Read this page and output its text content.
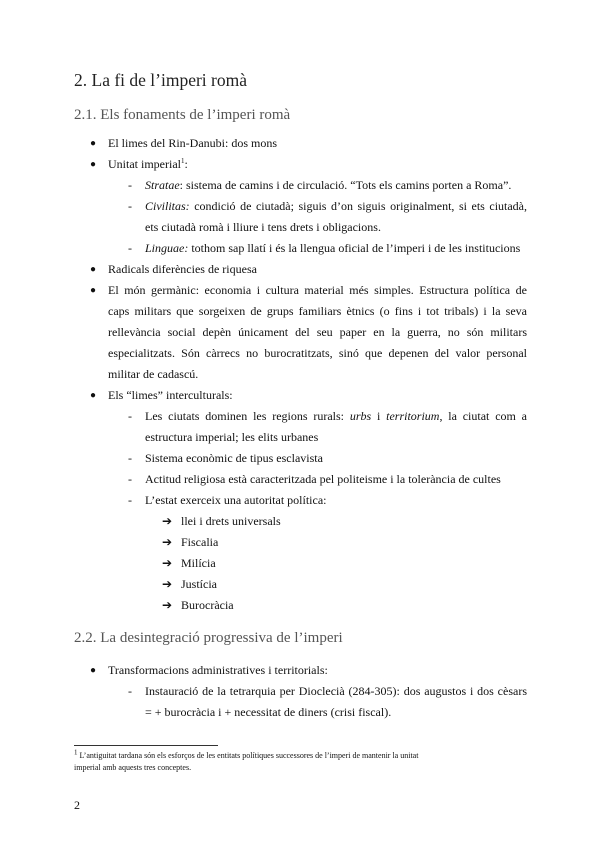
2. La fi de l’imperi romà
2.1. Els fonaments de l’imperi romà
● El limes del Rin-Danubi: dos mons
● Unitat imperial$^1$:
- Stratae: sistema de camins i de circulació. “Tots els camins porten a Roma”.
- Civilitas: condició de ciutadà; siguis d’on siguis originalment, si ets ciutadà,
ets ciutadà romà i lliure i tens drets i obligacions.
- Linguae: tothom sap llatí i és la llengua oficial de l’imperi i de les institucions
● Radicals diferències de riquesa
● El món germànic: economia i cultura material més simples. Estructura política de
caps militars que sorgeixen de grups familiars ètnics (o fins i tot tribals) i la seva
rellevància social depèn únicament del seu paper en la guerra, no són militars
especialitzats. Són càrrecs no burocratitzats, sinó que depenen del valor personal
militar de cadascú.
● Els “limes” interculturals:
- Les ciutats dominen les regions rurals: urbs i territorium, la ciutat com a
estructura imperial; les elits urbanes
- Sistema econòmic de tipus esclavista
- Actitud religiosa està caracteritzada pel politeisme i la tolerància de cultes
- L’estat exerceix una autoritat política:
➔ llei i drets universals
➔ Fiscalia
➔ Milícia
➔ Justícia
➔ Burocràcia
2.2. La desintegració progressiva de l’imperi
● Transformacions administratives i territorials:
- Instauració de la tetrarquia per Dioclecià (284-305): dos augustos i dos cèsars
= + burocràcia i + necessitat de diners (crisi fiscal).
$^1$ L’antiguitat tardana són els esforços de les entitats polítiques successores de l’imperi de mantenir la unitat
imperial amb aquests tres conceptes.
2
